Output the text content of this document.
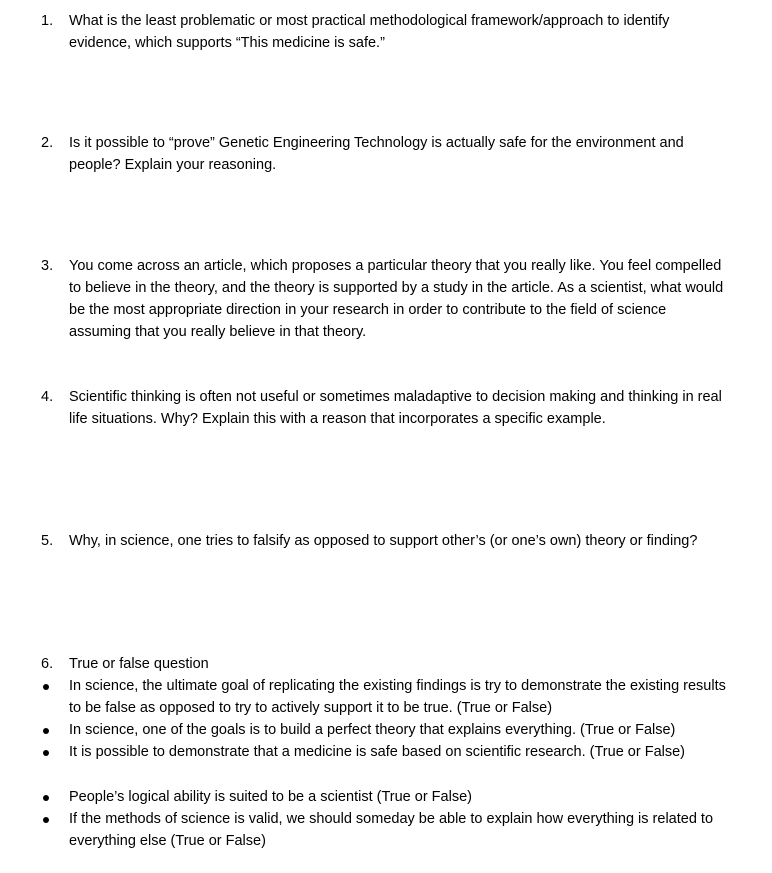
1.	What is the least problematic or most practical methodological framework/approach to identify evidence, which supports “This medicine is safe.”
2.	Is it possible to “prove” Genetic Engineering Technology is actually safe for the environment and people? Explain your reasoning.
3.	You come across an article, which proposes a particular theory that you really like. You feel compelled to believe in the theory, and the theory is supported by a study in the article. As a scientist, what would be the most appropriate direction in your research in order to contribute to the field of science assuming that you really believe in that theory.
4.	Scientific thinking is often not useful or sometimes maladaptive to decision making and thinking in real life situations. Why? Explain this with a reason that incorporates a specific example.
5.	Why, in science, one tries to falsify as opposed to support other’s (or one’s own) theory or finding?
6.	True or false question
In science, the ultimate goal of replicating the existing findings is try to demonstrate the existing results to be false as opposed to try to actively support it to be true. (True or False)
In science, one of the goals is to build a perfect theory that explains everything. (True or False)
It is possible to demonstrate that a medicine is safe based on scientific research. (True or False)
People’s logical ability is suited to be a scientist (True or False)
If the methods of science is valid, we should someday be able to explain how everything is related to everything else (True or False)
